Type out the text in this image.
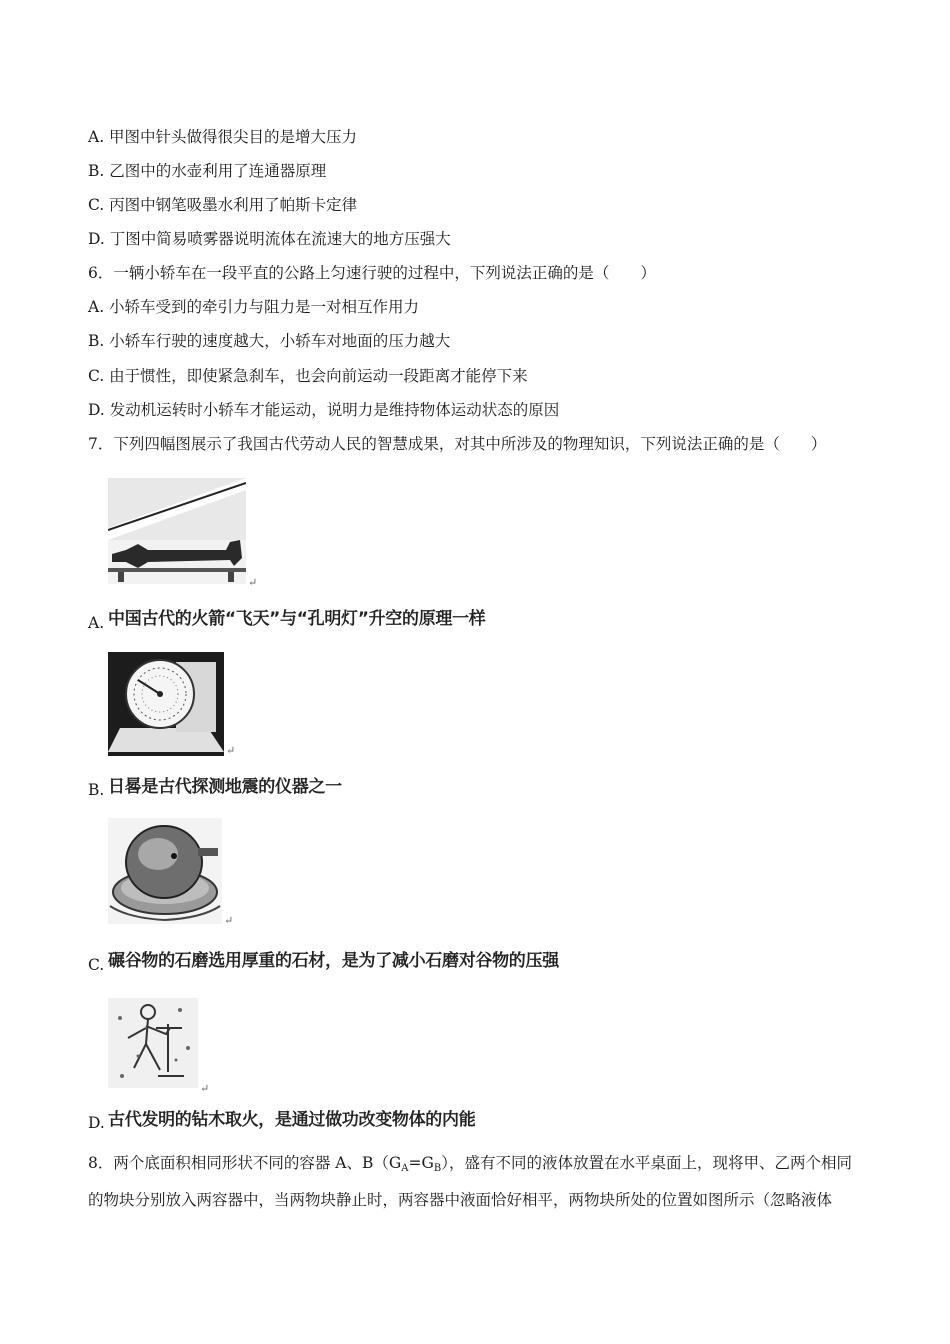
A. 甲图中针头做得很尖目的是增大压力
B. 乙图中的水壶利用了连通器原理
C. 丙图中钢笔吸墨水利用了帕斯卡定律
D. 丁图中简易喷雾器说明流体在流速大的地方压强大
6．一辆小轿车在一段平直的公路上匀速行驶的过程中，下列说法正确的是（　　）
A. 小轿车受到的牵引力与阻力是一对相互作用力
B. 小轿车行驶的速度越大，小轿车对地面的压力越大
C. 由于惯性，即使紧急刹车，也会向前运动一段距离才能停下来
D. 发动机运转时小轿车才能运动，说明力是维持物体运动状态的原因
7．下列四幅图展示了我国古代劳动人民的智慧成果，对其中所涉及的物理知识，下列说法正确的是（　　）
↵
A. 中国古代的火箭“飞天”与“孔明灯”升空的原理一样
↵
B. 日晷是古代探测地震的仪器之一
↵
C. 碾谷物的石磨选用厚重的石材，是为了减小石磨对谷物的压强
↵
D. 古代发明的钻木取火，是通过做功改变物体的内能
8．两个底面积相同形状不同的容器 A、$B(G_A=G_B)$，盛有不同的液体放置在水平桌面上，现将甲、乙两个相同
的物块分别放入两容器中，当两物块静止时，两容器中液面恰好相平，两物块所处的位置如图所示（忽略液体
